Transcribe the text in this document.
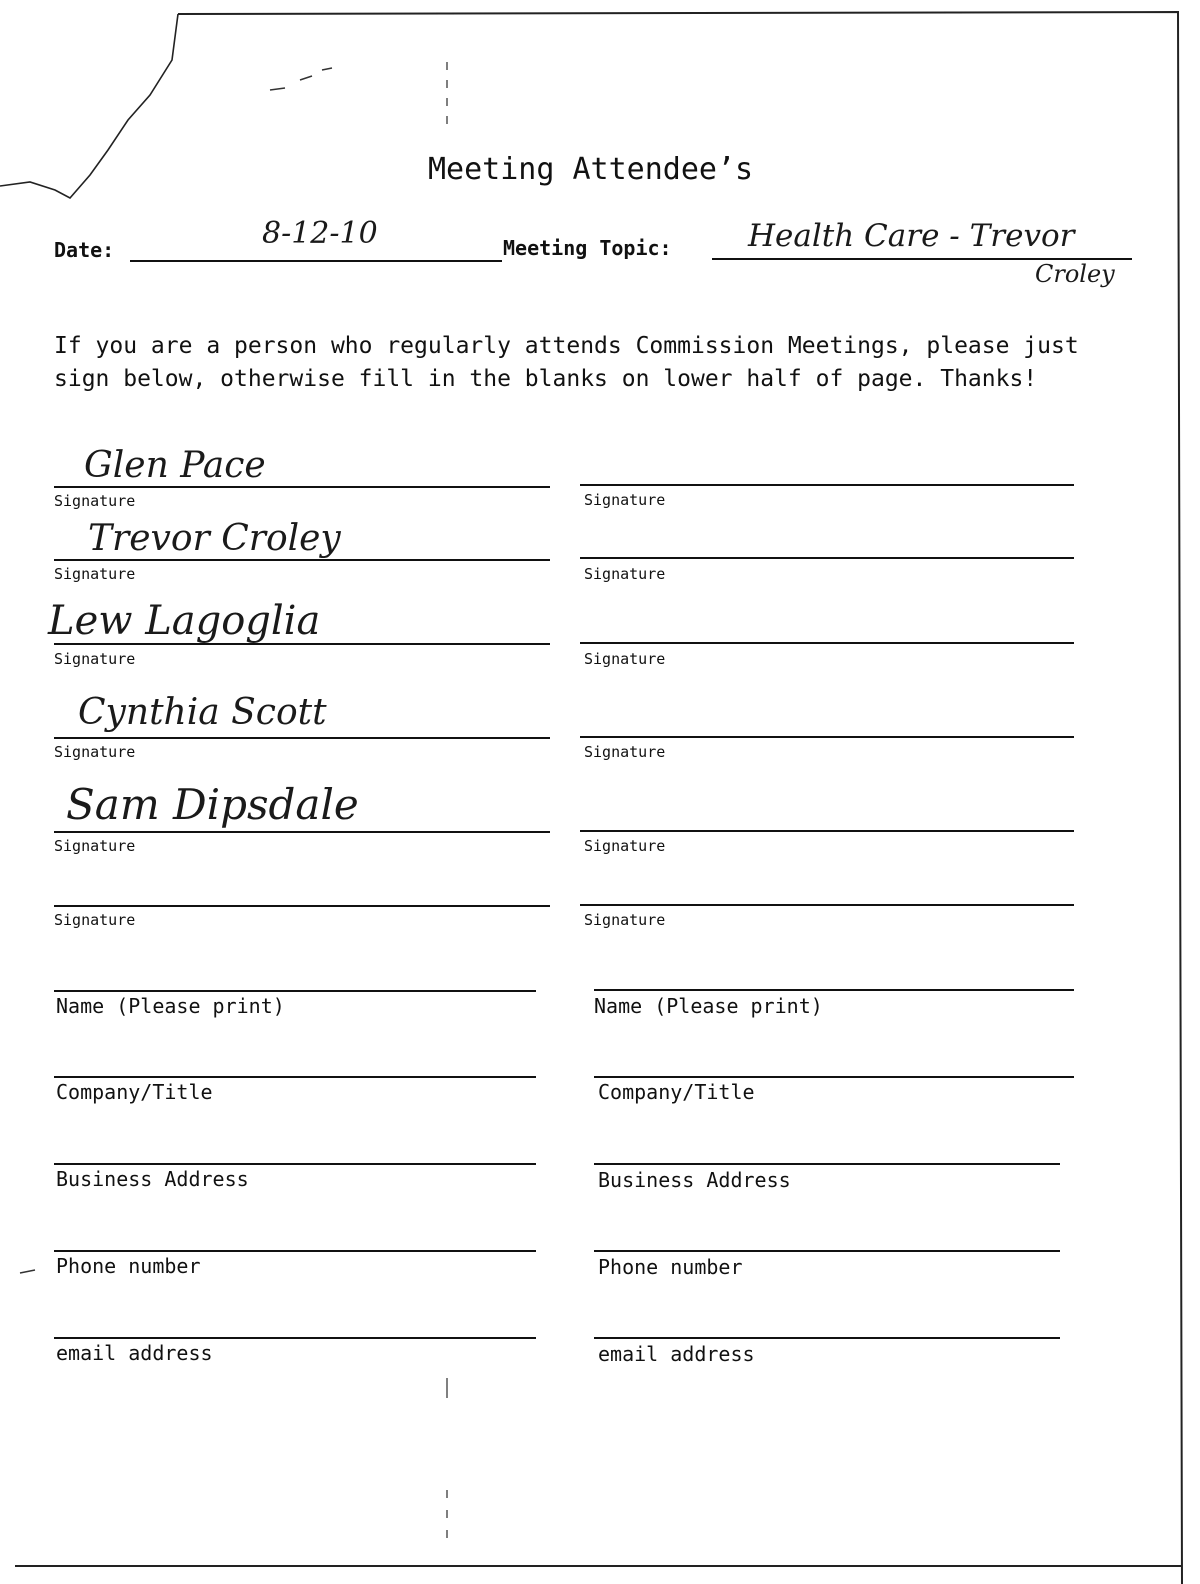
Meeting Attendee’s
Date:	8-12-10	Meeting Topic: Health Care - Trevor
Croley
If you are a person who regularly attends Commission Meetings, please just sign below, otherwise fill in the blanks on lower half of page. Thanks!
Glen Pace
Signature
Trevor Croley
Signature
Lew Lagoglia
Signature
Cynthia Scott
Signature
Sam Dipsdale
Signature
Signature
Signature
Signature
Signature
Signature
Signature
Signature
Name (Please print)
Company/Title
Business Address
Phone number
email address
Name (Please print)
Company/Title
Business Address
Phone number
email address
